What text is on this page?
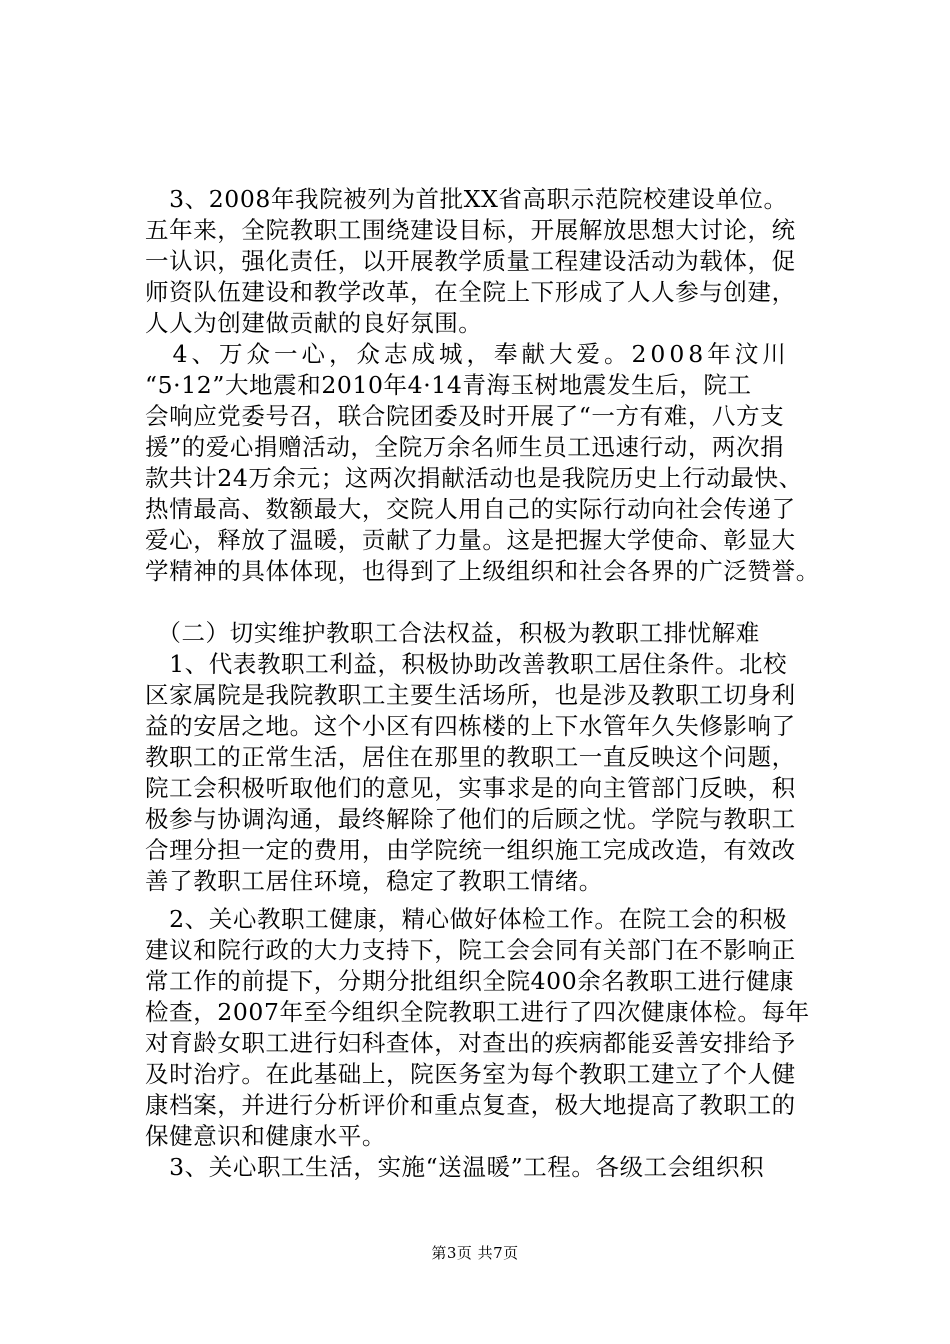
　3、2008年我院被列为首批XX省高职示范院校建设单位。
五年来，全院教职工围绕建设目标，开展解放思想大讨论，统
一认识，强化责任，以开展教学质量工程建设活动为载体，促
师资队伍建设和教学改革，在全院上下形成了人人参与创建，
人人为创建做贡献的良好氛围。
　4、万众一心，众志成城，奉献大爱。2008年汶川
“5·12”大地震和2010年4·14青海玉树地震发生后，院工
会响应党委号召，联合院团委及时开展了“一方有难，八方支
援”的爱心捐赠活动，全院万余名师生员工迅速行动，两次捐
款共计24万余元；这两次捐献活动也是我院历史上行动最快、
热情最高、数额最大，交院人用自己的实际行动向社会传递了
爱心，释放了温暖，贡献了力量。这是把握大学使命、彰显大
学精神的具体体现，也得到了上级组织和社会各界的广泛赞誉。
　（二）切实维护教职工合法权益，积极为教职工排忧解难
　1、代表教职工利益，积极协助改善教职工居住条件。北校
区家属院是我院教职工主要生活场所，也是涉及教职工切身利
益的安居之地。这个小区有四栋楼的上下水管年久失修影响了
教职工的正常生活，居住在那里的教职工一直反映这个问题，
院工会积极听取他们的意见，实事求是的向主管部门反映，积
极参与协调沟通，最终解除了他们的后顾之忧。学院与教职工
合理分担一定的费用，由学院统一组织施工完成改造，有效改
善了教职工居住环境，稳定了教职工情绪。
　2、关心教职工健康，精心做好体检工作。在院工会的积极
建议和院行政的大力支持下，院工会会同有关部门在不影响正
常工作的前提下，分期分批组织全院400余名教职工进行健康
检查，2007年至今组织全院教职工进行了四次健康体检。每年
对育龄女职工进行妇科查体，对查出的疾病都能妥善安排给予
及时治疗。在此基础上，院医务室为每个教职工建立了个人健
康档案，并进行分析评价和重点复查，极大地提高了教职工的
保健意识和健康水平。
　3、关心职工生活，实施“送温暖”工程。各级工会组织积
第3页 共7页
